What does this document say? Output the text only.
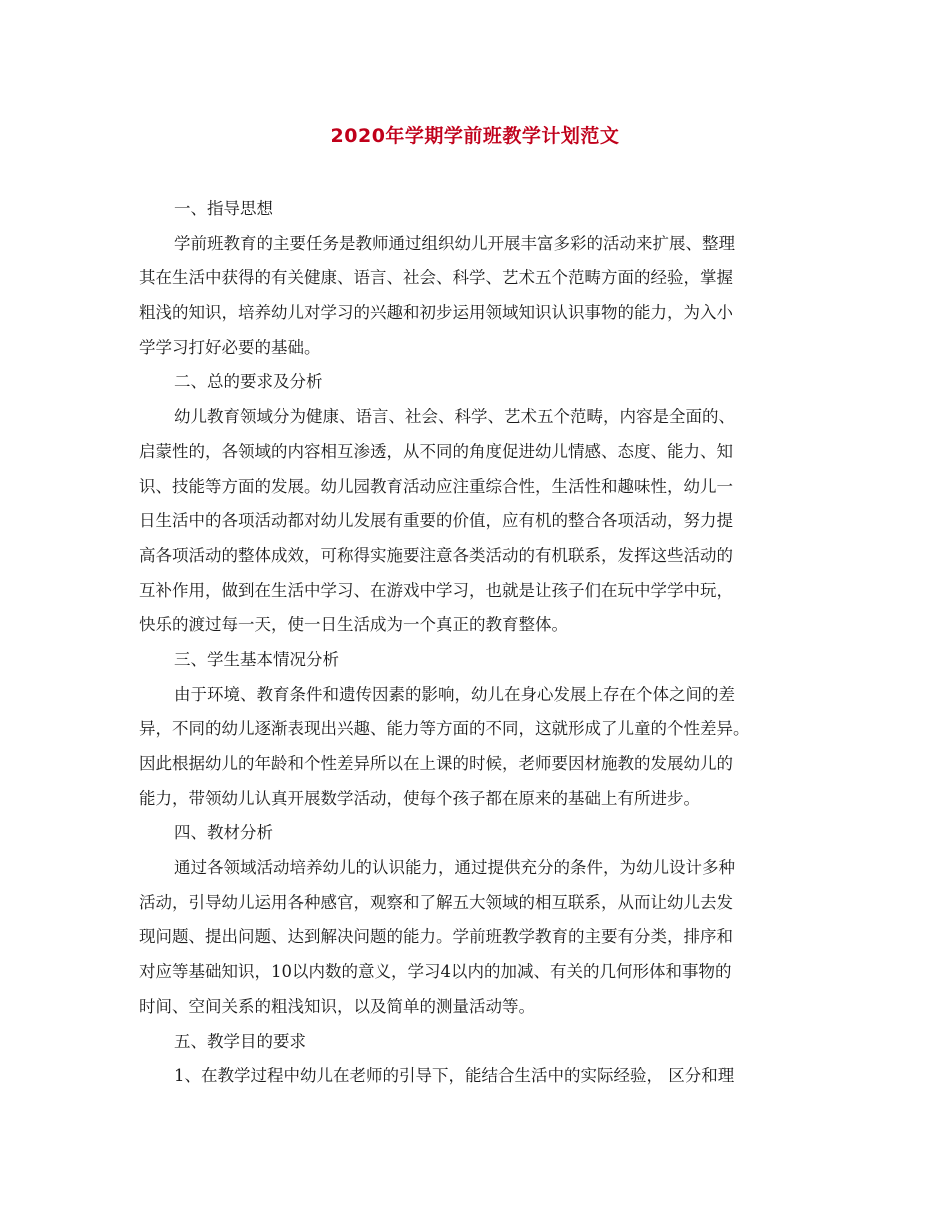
2020年学期学前班教学计划范文
一、指导思想
学前班教育的主要任务是教师通过组织幼儿开展丰富多彩的活动来扩展、整理
其在生活中获得的有关健康、语言、社会、科学、艺术五个范畴方面的经验，掌握
粗浅的知识，培养幼儿对学习的兴趣和初步运用领域知识认识事物的能力，为入小
学学习打好必要的基础。
二、总的要求及分析
幼儿教育领域分为健康、语言、社会、科学、艺术五个范畴，内容是全面的、
启蒙性的，各领域的内容相互渗透，从不同的角度促进幼儿情感、态度、能力、知
识、技能等方面的发展。幼儿园教育活动应注重综合性，生活性和趣味性，幼儿一
日生活中的各项活动都对幼儿发展有重要的价值，应有机的整合各项活动，努力提
高各项活动的整体成效，可称得实施要注意各类活动的有机联系，发挥这些活动的
互补作用，做到在生活中学习、在游戏中学习，也就是让孩子们在玩中学学中玩，
快乐的渡过每一天，使一日生活成为一个真正的教育整体。
三、学生基本情况分析
由于环境、教育条件和遗传因素的影响，幼儿在身心发展上存在个体之间的差
异，不同的幼儿逐渐表现出兴趣、能力等方面的不同，这就形成了儿童的个性差异。
因此根据幼儿的年龄和个性差异所以在上课的时候，老师要因材施教的发展幼儿的
能力，带领幼儿认真开展数学活动，使每个孩子都在原来的基础上有所进步。
四、教材分析
通过各领域活动培养幼儿的认识能力，通过提供充分的条件，为幼儿设计多种
活动，引导幼儿运用各种感官，观察和了解五大领域的相互联系，从而让幼儿去发
现问题、提出问题、达到解决问题的能力。学前班教学教育的主要有分类，排序和
对应等基础知识，10以内数的意义，学习4以内的加减、有关的几何形体和事物的
时间、空间关系的粗浅知识，以及简单的测量活动等。
五、教学目的要求
1、在教学过程中幼儿在老师的引导下，能结合生活中的实际经验， 区分和理
